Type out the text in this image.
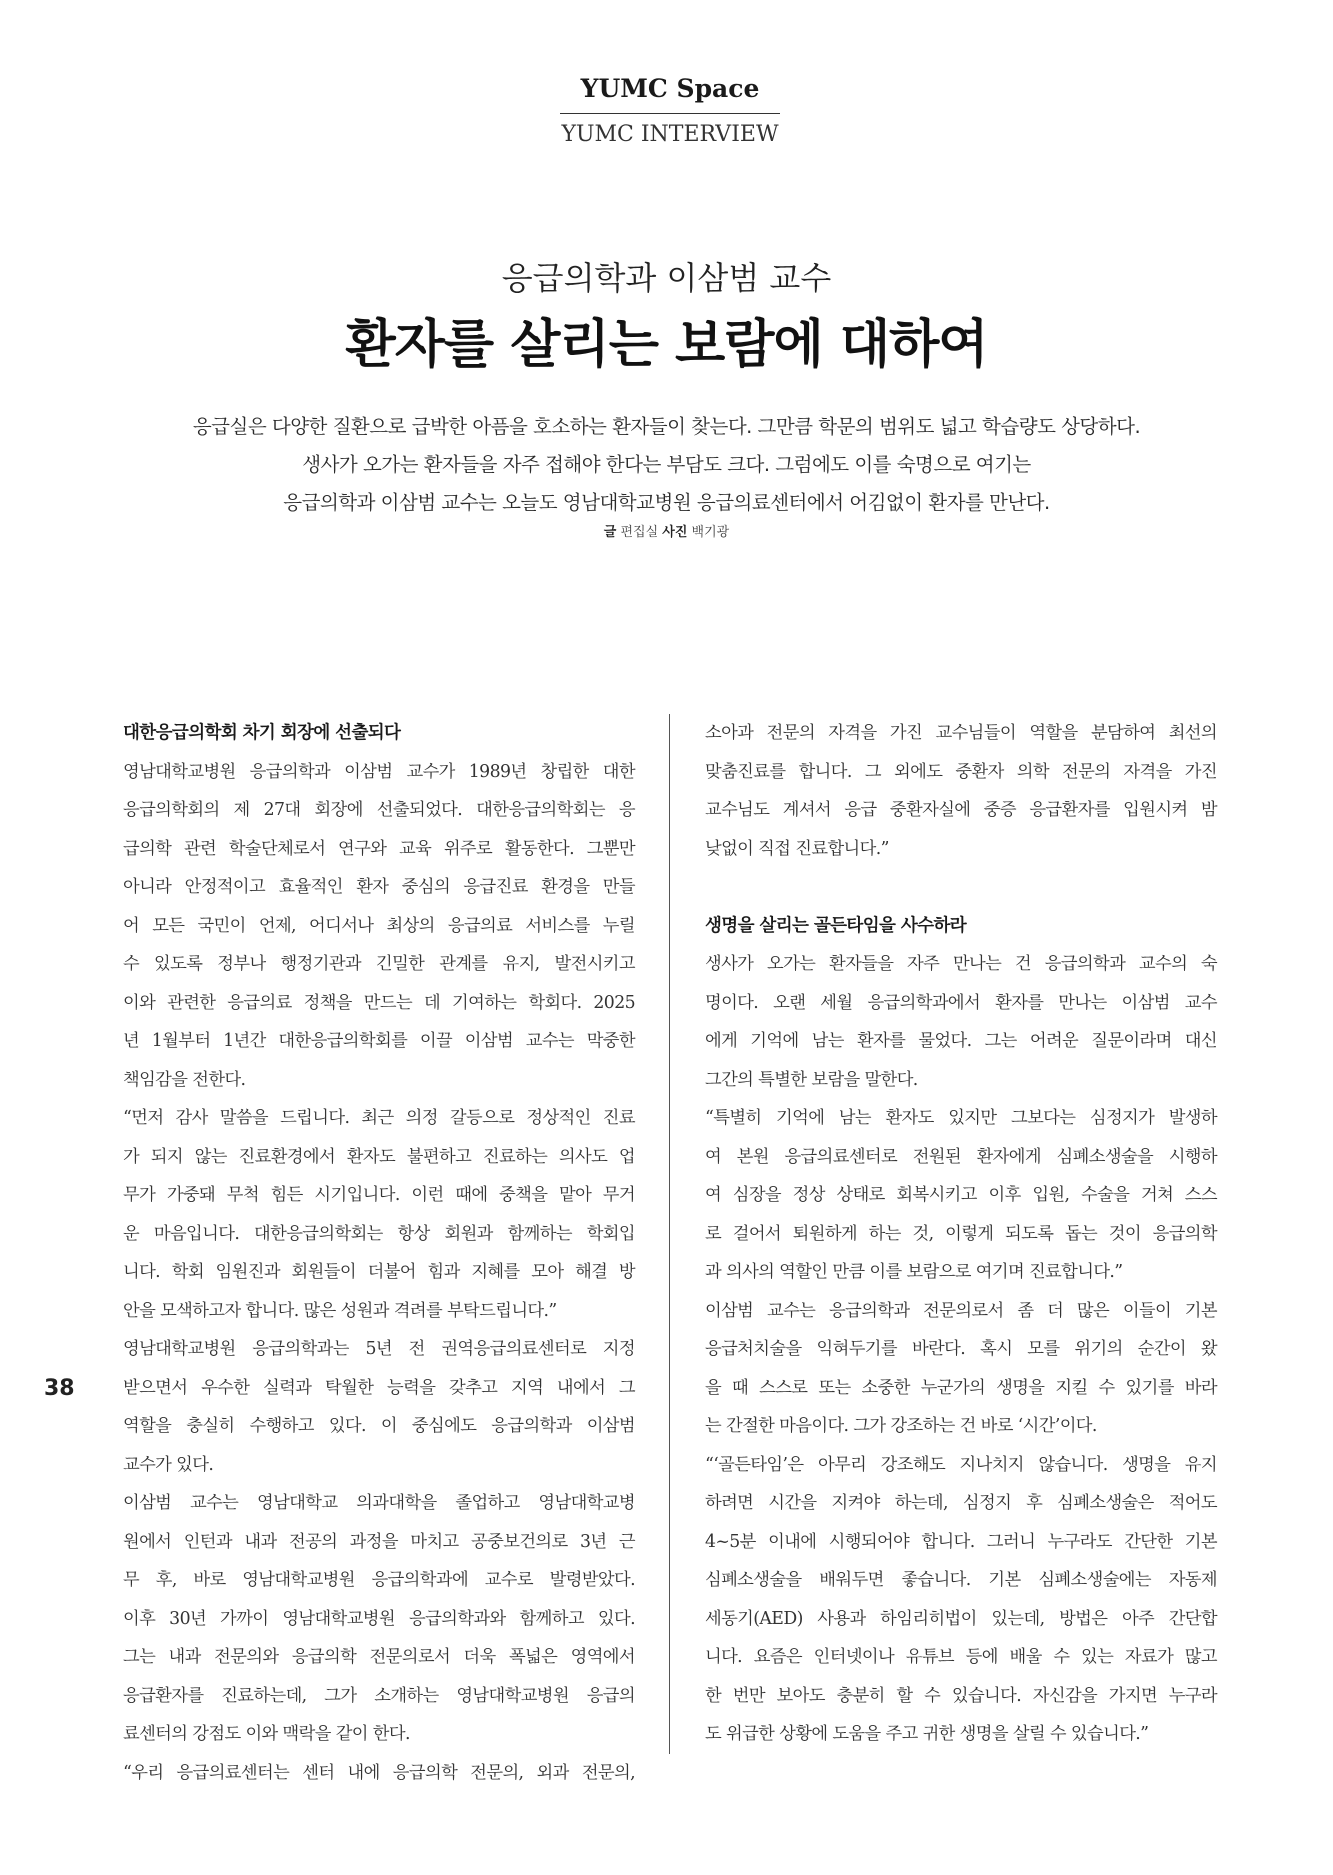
YUMC Space
YUMC INTERVIEW
응급의학과 이삼범 교수
환자를 살리는 보람에 대하여
응급실은 다양한 질환으로 급박한 아픔을 호소하는 환자들이 찾는다. 그만큼 학문의 범위도 넓고 학습량도 상당하다.
생사가 오가는 환자들을 자주 접해야 한다는 부담도 크다. 그럼에도 이를 숙명으로 여기는
응급의학과 이삼범 교수는 오늘도 영남대학교병원 응급의료센터에서 어김없이 환자를 만난다.
글 편집실 사진 백기광
대한응급의학회 차기 회장에 선출되다
영남대학교병원 응급의학과 이삼범 교수가 1989년 창립한 대한
응급의학회의 제 27대 회장에 선출되었다. 대한응급의학회는 응
급의학 관련 학술단체로서 연구와 교육 위주로 활동한다. 그뿐만
아니라 안정적이고 효율적인 환자 중심의 응급진료 환경을 만들
어 모든 국민이 언제, 어디서나 최상의 응급의료 서비스를 누릴
수 있도록 정부나 행정기관과 긴밀한 관계를 유지, 발전시키고
이와 관련한 응급의료 정책을 만드는 데 기여하는 학회다. 2025
년 1월부터 1년간 대한응급의학회를 이끌 이삼범 교수는 막중한
책임감을 전한다.
“먼저 감사 말씀을 드립니다. 최근 의정 갈등으로 정상적인 진료
가 되지 않는 진료환경에서 환자도 불편하고 진료하는 의사도 업
무가 가중돼 무척 힘든 시기입니다. 이런 때에 중책을 맡아 무거
운 마음입니다. 대한응급의학회는 항상 회원과 함께하는 학회입
니다. 학회 임원진과 회원들이 더불어 힘과 지혜를 모아 해결 방
안을 모색하고자 합니다. 많은 성원과 격려를 부탁드립니다.”
영남대학교병원 응급의학과는 5년 전 권역응급의료센터로 지정
받으면서 우수한 실력과 탁월한 능력을 갖추고 지역 내에서 그
역할을 충실히 수행하고 있다. 이 중심에도 응급의학과 이삼범
교수가 있다.
이삼범 교수는 영남대학교 의과대학을 졸업하고 영남대학교병
원에서 인턴과 내과 전공의 과정을 마치고 공중보건의로 3년 근
무 후, 바로 영남대학교병원 응급의학과에 교수로 발령받았다.
이후 30년 가까이 영남대학교병원 응급의학과와 함께하고 있다.
그는 내과 전문의와 응급의학 전문의로서 더욱 폭넓은 영역에서
응급환자를 진료하는데, 그가 소개하는 영남대학교병원 응급의
료센터의 강점도 이와 맥락을 같이 한다.
“우리 응급의료센터는 센터 내에 응급의학 전문의, 외과 전문의,
소아과 전문의 자격을 가진 교수님들이 역할을 분담하여 최선의
맞춤진료를 합니다. 그 외에도 중환자 의학 전문의 자격을 가진
교수님도 계셔서 응급 중환자실에 중증 응급환자를 입원시켜 밤
낮없이 직접 진료합니다.”
생명을 살리는 골든타임을 사수하라
생사가 오가는 환자들을 자주 만나는 건 응급의학과 교수의 숙
명이다. 오랜 세월 응급의학과에서 환자를 만나는 이삼범 교수
에게 기억에 남는 환자를 물었다. 그는 어려운 질문이라며 대신
그간의 특별한 보람을 말한다.
“특별히 기억에 남는 환자도 있지만 그보다는 심정지가 발생하
여 본원 응급의료센터로 전원된 환자에게 심폐소생술을 시행하
여 심장을 정상 상태로 회복시키고 이후 입원, 수술을 거쳐 스스
로 걸어서 퇴원하게 하는 것, 이렇게 되도록 돕는 것이 응급의학
과 의사의 역할인 만큼 이를 보람으로 여기며 진료합니다.”
이삼범 교수는 응급의학과 전문의로서 좀 더 많은 이들이 기본
응급처치술을 익혀두기를 바란다. 혹시 모를 위기의 순간이 왔
을 때 스스로 또는 소중한 누군가의 생명을 지킬 수 있기를 바라
는 간절한 마음이다. 그가 강조하는 건 바로 ‘시간’이다.
“‘골든타임’은 아무리 강조해도 지나치지 않습니다. 생명을 유지
하려면 시간을 지켜야 하는데, 심정지 후 심폐소생술은 적어도
4~5분 이내에 시행되어야 합니다. 그러니 누구라도 간단한 기본
심폐소생술을 배워두면 좋습니다. 기본 심폐소생술에는 자동제
세동기(AED) 사용과 하임리히법이 있는데, 방법은 아주 간단합
니다. 요즘은 인터넷이나 유튜브 등에 배울 수 있는 자료가 많고
한 번만 보아도 충분히 할 수 있습니다. 자신감을 가지면 누구라
도 위급한 상황에 도움을 주고 귀한 생명을 살릴 수 있습니다.”
38
